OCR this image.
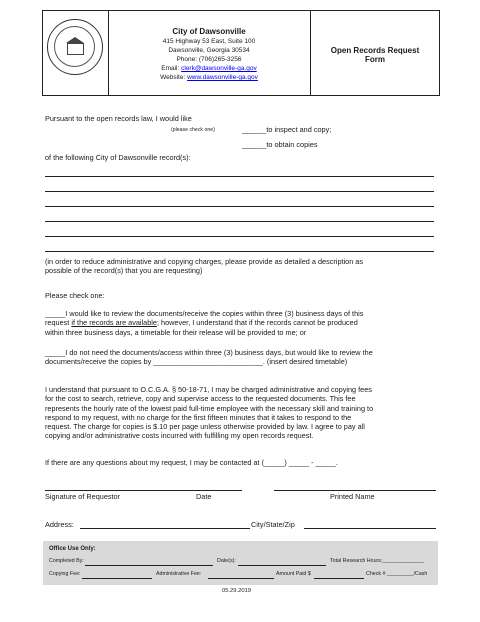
City of Dawsonville
415 Highway 53 East, Suite 100
Dawsonville, Georgia 30534
Phone: (706)265-3256
Email: clerk@dawsonville-ga.gov
Website: www.dawsonville-ga.gov
Open Records Request
Form
Pursuant to the open records law, I would like
(please check one)	______to inspect and copy;
______to obtain copies
of the following City of Dawsonville record(s):
(in order to reduce administrative and copying charges, please provide as detailed a description as
possible of the record(s) that you are requesting)
Please check one:
_____I would like to review the documents/receive the copies within three (3) business days of this
request if the records are available; however, I understand that if the records cannot be produced
within three business days, a timetable for their release will be provided to me; or
_____I do not need the documents/access within three (3) business days, but would like to review the
documents/receive the copies by ___________________________. (insert desired timetable)
I understand that pursuant to O.C.G.A. § 50-18-71, I may be charged administrative and copying fees
for the cost to search, retrieve, copy and supervise access to the requested documents. This fee
represents the hourly rate of the lowest paid full-time employee with the necessary skill and training to
respond to my request, with no charge for the first fifteen minutes that it takes to respond to the
request. The charge for copies is $.10 per page unless otherwise provided by law. I agree to pay all
copying and/or administrative costs incurred with fulfilling my open records request.
If there are any questions about my request, I may be contacted at (_____) _____ - _____.
Signature of Requestor	Date	Printed Name
Address:	City/State/Zip
Office Use Only:
Completed By:	Date(s):	Total Research Hours:______________
Copying Fee:	Administrative Fee:	Amount Paid $	Check # _________/Cash
05.29.2019
